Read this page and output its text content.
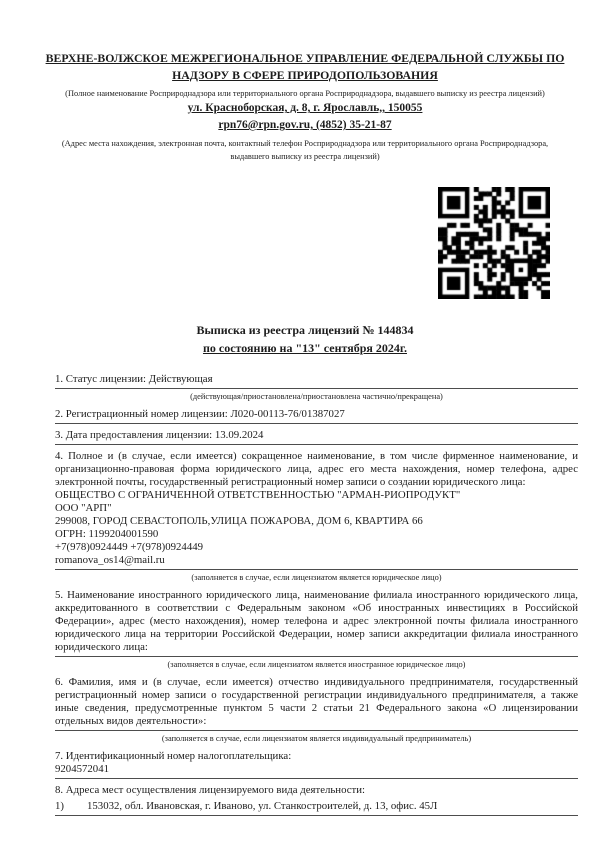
ВЕРХНЕ-ВОЛЖСКОЕ МЕЖРЕГИОНАЛЬНОЕ УПРАВЛЕНИЕ ФЕДЕРАЛЬНОЙ СЛУЖБЫ ПО НАДЗОРУ В СФЕРЕ ПРИРОДОПОЛЬЗОВАНИЯ
(Полное наименование Росприроднадзора или территориального органа Росприроднадзора, выдавшего выписку из реестра лицензий)
ул. Красноборская, д. 8, г. Ярославль,, 150055
rpn76@rpn.gov.ru, (4852) 35-21-87
(Адрес места нахождения, электронная почта, контактный телефон Росприроднадзора или территориального органа Росприроднадзора, выдавшего выписку из реестра лицензий)
Выписка из реестра лицензий № 144834
по состоянию на "13" сентября 2024г.
1. Статус лицензии: Действующая
(действующая/приостановлена/приостановлена частично/прекращена)
2. Регистрационный номер лицензии: Л020-00113-76/01387027
3. Дата предоставления лицензии: 13.09.2024
4. Полное и (в случае, если имеется) сокращенное наименование, в том числе фирменное наименование, и организационно-правовая форма юридического лица, адрес его места нахождения, номер телефона, адрес электронной почты, государственный регистрационный номер записи о создании юридического лица:
ОБЩЕСТВО С ОГРАНИЧЕННОЙ ОТВЕТСТВЕННОСТЬЮ "АРМАН-РИОПРОДУКТ"
ООО "АРП"
299008, ГОРОД СЕВАСТОПОЛЬ,УЛИЦА ПОЖАРОВА, ДОМ 6, КВАРТИРА 66
ОГРН: 1199204001590
+7(978)0924449 +7(978)0924449
romanova_os14@mail.ru
(заполняется в случае, если лицензиатом является юридическое лицо)
5. Наименование иностранного юридического лица, наименование филиала иностранного юридического лица, аккредитованного в соответствии с Федеральным законом «Об иностранных инвестициях в Российской Федерации», адрес (место нахождения), номер телефона и адрес электронной почты филиала иностранного юридического лица на территории Российской Федерации, номер записи аккредитации филиала иностранного юридического лица:
(заполняется в случае, если лицензиатом является иностранное юридическое лицо)
6. Фамилия, имя и (в случае, если имеется) отчество индивидуального предпринимателя, государственный регистрационный номер записи о государственной регистрации индивидуального предпринимателя, а также иные сведения, предусмотренные пунктом 5 части 2 статьи 21 Федерального закона «О лицензировании отдельных видов деятельности»:
(заполняется в случае, если лицензиатом является индивидуальный предприниматель)
7. Идентификационный номер налогоплательщика:
9204572041
8. Адреса мест осуществления лицензируемого вида деятельности:
1)	153032, обл. Ивановская, г. Иваново, ул. Станкостроителей, д. 13, офис. 45Л
